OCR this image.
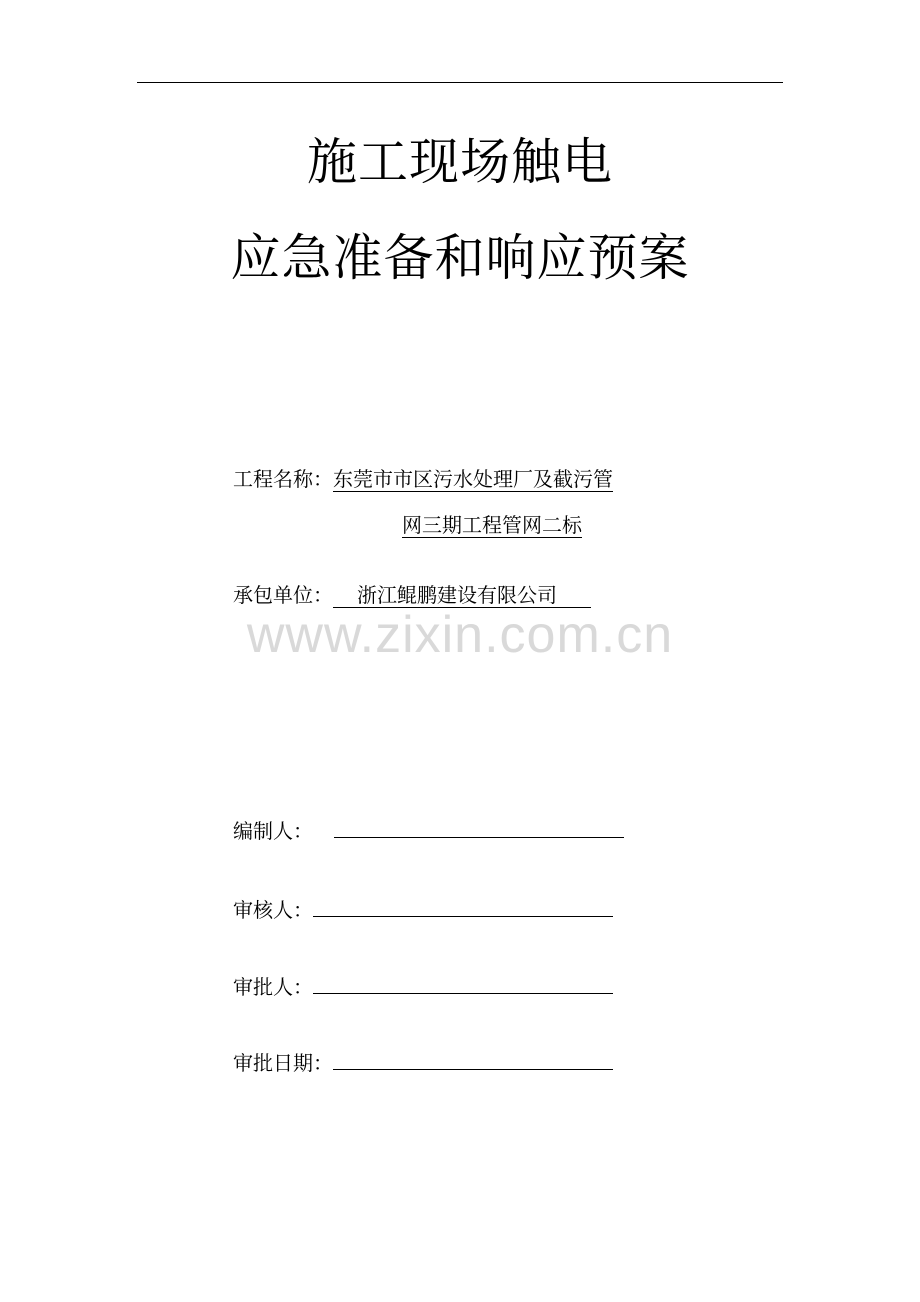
施工现场触电
应急准备和响应预案
工程名称：东莞市市区污水处理厂及截污管
网三期工程管网二标
承包单位： 浙江鲲鹏建设有限公司
www.zixin.com.cn
编制人：
审核人：
审批人：
审批日期：
